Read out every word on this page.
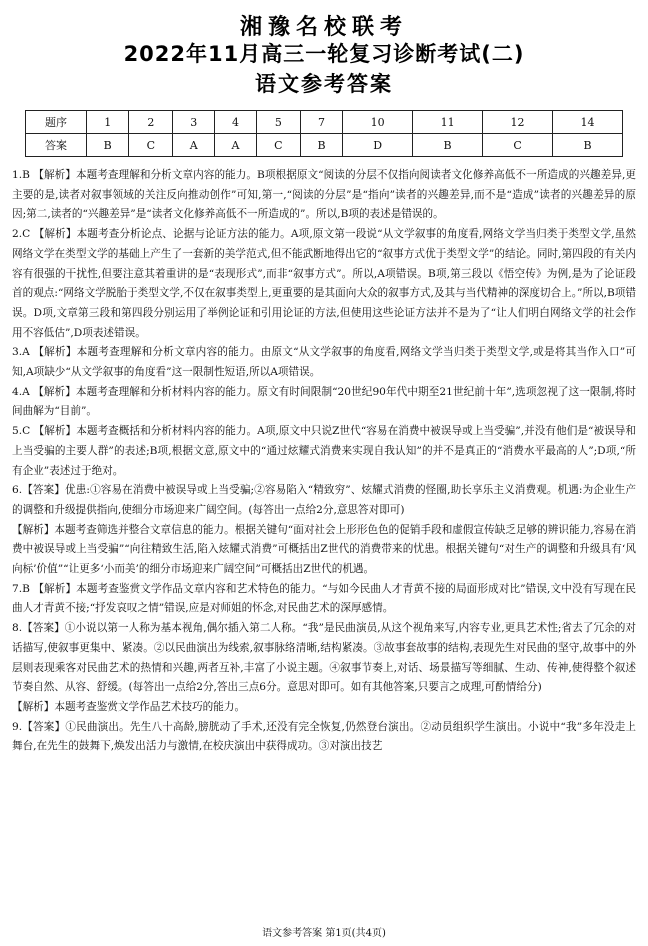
湘豫名校联考
2022年11月高三一轮复习诊断考试(二)
语文参考答案
题序	1	2	3	4	5	7	10	11	12	14
答案	B	C	A	A	C	B	D	B	C	B

1.B 【解析】本题考查理解和分析文章内容的能力。B项根据原文“阅读的分层不仅指向阅读者文化修养高低不一所造成的兴趣差异,更主要的是,读者对叙事领域的关注反向推动创作”可知,第一,“阅读的分层”是“指向”读者的兴趣差异,而不是“造成”读者的兴趣差异的原因;第二,读者的“兴趣差异”是“读者文化修养高低不一所造成的”。所以,B项的表述是错误的。

2.C 【解析】本题考查分析论点、论据与论证方法的能力。A项,原文第一段说“从文学叙事的角度看,网络文学当归类于类型文学,虽然网络文学在类型文学的基础上产生了一套新的美学范式,但不能武断地得出它的“叙事方式优于类型文学”的结论。同时,第四段的有关内容有很强的干扰性,但要注意其着重讲的是“表现形式”,而非“叙事方式”。所以,A项错误。B项,第三段以《悟空传》为例,是为了论证段首的观点:“网络文学脱胎于类型文学,不仅在叙事类型上,更重要的是其面向大众的叙事方式,及其与当代精神的深度切合上。”所以,B项错误。D项,文章第三段和第四段分别运用了举例论证和引用论证的方法,但使用这些论证方法并不是为了“让人们明白网络文学的社会作用不容低估”,D项表述错误。

3.A 【解析】本题考查理解和分析文章内容的能力。由原文“从文学叙事的角度看,网络文学当归类于类型文学,或是将其当作入口”可知,A项缺少“从文学叙事的角度看”这一限制性短语,所以A项错误。

4.A 【解析】本题考查理解和分析材料内容的能力。原文有时间限制“20世纪90年代中期至21世纪前十年”,选项忽视了这一限制,将时间曲解为“目前”。

5.C 【解析】本题考查概括和分析材料内容的能力。A项,原文中只说Z世代“容易在消费中被误导或上当受骗”,并没有他们是“被误导和上当受骗的主要人群”的表述;B项,根据文意,原文中的“通过炫耀式消费来实现自我认知”的并不是真正的“消费水平最高的人”;D项,“所有企业”表述过于绝对。

6.【答案】优患:①容易在消费中被误导或上当受骗;②容易陷入“精致穷”、炫耀式消费的怪圈,助长享乐主义消费观。机遇:为企业生产的调整和升级提供指向,使细分市场迎来广阔空间。(每答出一点给2分,意思答对即可)

【解析】本题考查筛选并整合文章信息的能力。根据关键句“面对社会上形形色色的促销手段和虚假宣传缺乏足够的辨识能力,容易在消费中被误导或上当受骗”“向往精致生活,陷入炫耀式消费”可概括出Z世代的消费带来的忧患。根据关键句“对生产的调整和升级具有‘风向标’价值”“让更多‘小而美’的细分市场迎来广阔空间”可概括出Z世代的机遇。

7.B 【解析】本题考查鉴赏文学作品文章内容和艺术特色的能力。“与如今民曲人才青黄不接的局面形成对比”错误,文中没有写现在民曲人才青黄不接;“抒发哀叹之情”错误,应是对师姐的怀念,对民曲艺术的深厚感情。

8.【答案】①小说以第一人称为基本视角,偶尔插入第二人称。“我”是民曲演员,从这个视角来写,内容专业,更具艺术性;省去了冗余的对话描写,使叙事更集中、紧凑。②以民曲演出为线索,叙事脉络清晰,结构紧凑。③故事套故事的结构,表现先生对民曲的坚守,故事中的外层则表现乘客对民曲艺术的热情和兴趣,两者互补,丰富了小说主题。④叙事节奏上,对话、场景描写等细腻、生动、传神,使得整个叙述节奏自然、从容、舒缓。(每答出一点给2分,答出三点6分。意思对即可。如有其他答案,只要言之成理,可酌情给分)

【解析】本题考查鉴赏文学作品艺术技巧的能力。

9.【答案】①民曲演出。先生八十高龄,膀胱动了手术,还没有完全恢复,仍然登台演出。②动员组织学生演出。小说中“我”多年没走上舞台,在先生的鼓舞下,焕发出活力与激情,在校庆演出中获得成功。③对演出技艺

语文参考答案 第1页(共4页)
